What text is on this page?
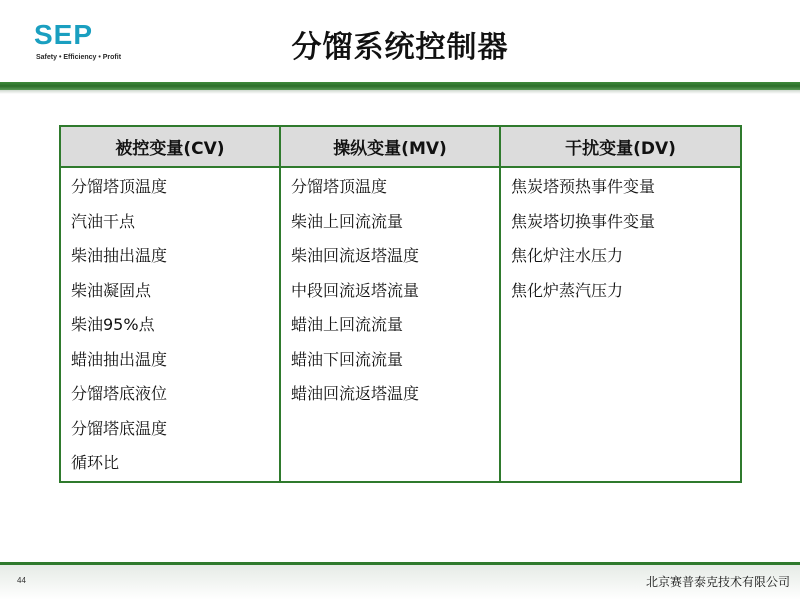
SEP
Safety • Efficiency • Profit	分馏系统控制器
被控变量(CV)
分馏塔顶温度
汽油干点
柴油抽出温度
柴油凝固点
柴油95%点
蜡油抽出温度
分馏塔底液位
分馏塔底温度
循环比
操纵变量(MV)
分馏塔顶温度
柴油上回流流量
柴油回流返塔温度
中段回流返塔流量
蜡油上回流流量
蜡油下回流流量
蜡油回流返塔温度
干扰变量(DV)
焦炭塔预热事件变量
焦炭塔切换事件变量
焦化炉注水压力
焦化炉蒸汽压力
44	北京赛普泰克技术有限公司
